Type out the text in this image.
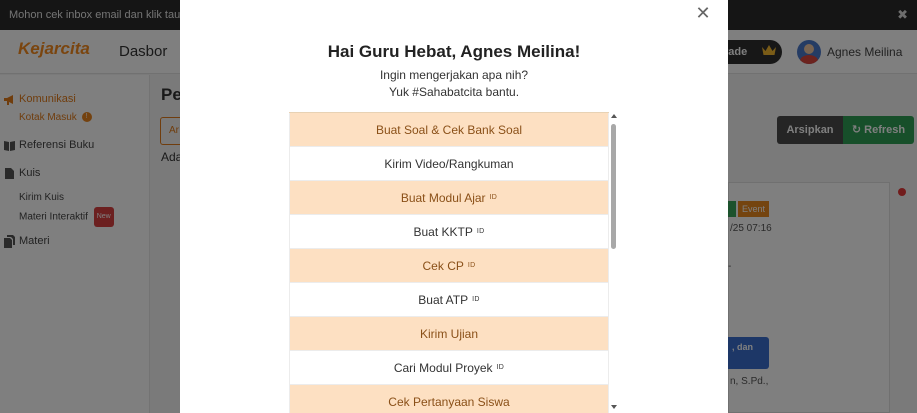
✕
Hai Guru Hebat, Agnes Meilina!
Ingin mengerjakan apa nih?
Yuk #Sahabatcita bantu.
Buat Soal & Cek Bank Soal
Kirim Video/Rangkuman
Buat Modul Ajar ID
Buat KKTP ID
Cek CP ID
Buat ATP ID
Kirim Ujian
Cari Modul Proyek ID
Cek Pertanyaan Siswa
